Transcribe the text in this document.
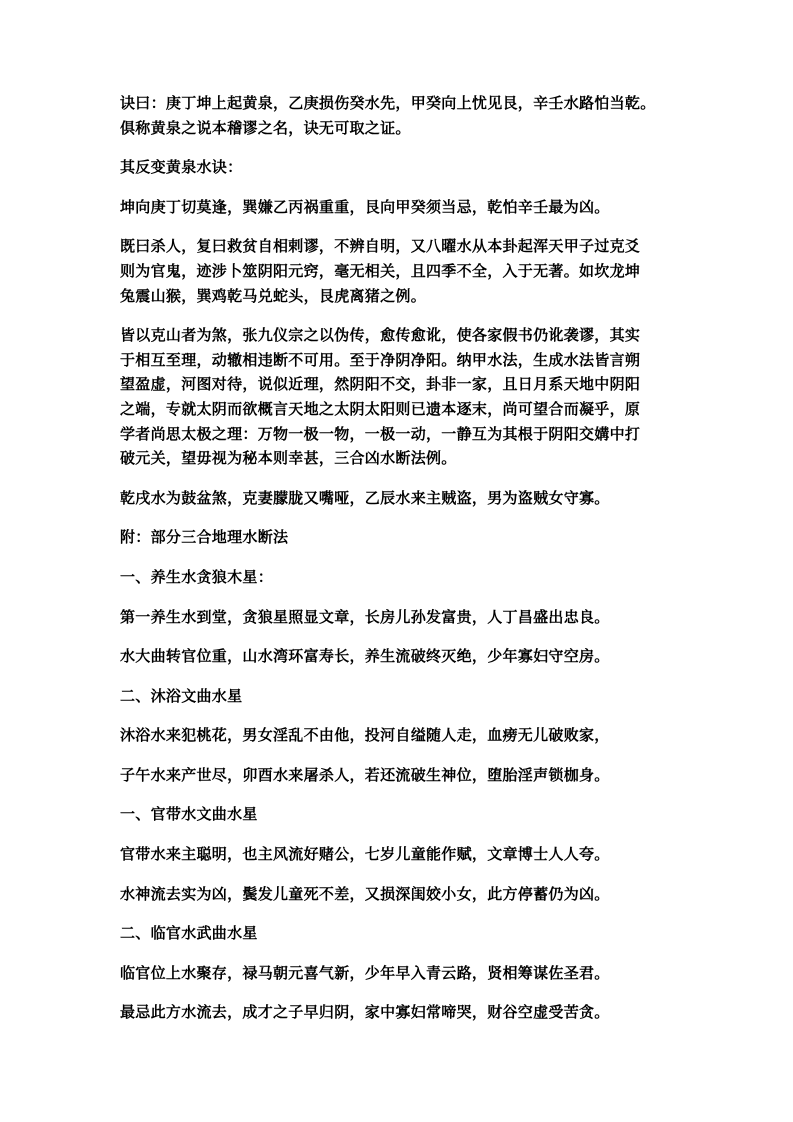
诀曰：庚丁坤上起黄泉，乙庚损伤癸水先，甲癸向上忧见艮，辛壬水路怕当乾。
俱称黄泉之说本稽谬之名，诀无可取之证。

其反变黄泉水诀：

坤向庚丁切莫逢，巽嫌乙丙祸重重，艮向甲癸须当忌，乾怕辛壬最为凶。

既曰杀人，复曰救贫自相剌谬，不辨自明，又八曜水从本卦起浑天甲子过克爻
则为官鬼，迹涉卜筮阴阳元窍，毫无相关，且四季不全，入于无著。如坎龙坤
兔震山猴，巽鸡乾马兑蛇头，艮虎离猪之例。

皆以克山者为煞，张九仪宗之以伪传，愈传愈讹，使各家假书仍讹袭谬，其实
于相互至理，动辙相违断不可用。至于净阴净阳。纳甲水法，生成水法皆言朔
望盈虚，河图对待，说似近理，然阴阳不交，卦非一家，且日月系天地中阴阳
之端，专就太阴而欲概言天地之太阴太阳则已遗本逐末，尚可望合而凝乎，原
学者尚思太极之理：万物一极一物，一极一动，一静互为其根于阴阳交媾中打
破元关，望毋视为秘本则幸甚，三合凶水断法例。

乾戌水为鼓盆煞，克妻朦胧又嘴哑，乙辰水来主贼盗，男为盗贼女守寡。

附：部分三合地理水断法

一、养生水贪狼木星：

第一养生水到堂，贪狼星照显文章，长房儿孙发富贵，人丁昌盛出忠良。

水大曲转官位重，山水湾环富寿长，养生流破终灭绝，少年寡妇守空房。

二、沐浴文曲水星

沐浴水来犯桃花，男女淫乱不由他，投河自缢随人走，血痨无儿破败家，

子午水来产世尽，卯酉水来屠杀人，若还流破生神位，堕胎淫声锁枷身。

一、官带水文曲水星

官带水来主聪明，也主风流好赌公，七岁儿童能作赋，文章博士人人夸。

水神流去实为凶，鬓发儿童死不差，又损深闺姣小女，此方停蓄仍为凶。

二、临官水武曲水星

临官位上水聚存，禄马朝元喜气新，少年早入青云路，贤相筹谋佐圣君。

最忌此方水流去，成才之子早归阴，家中寡妇常啼哭，财谷空虚受苦贪。
